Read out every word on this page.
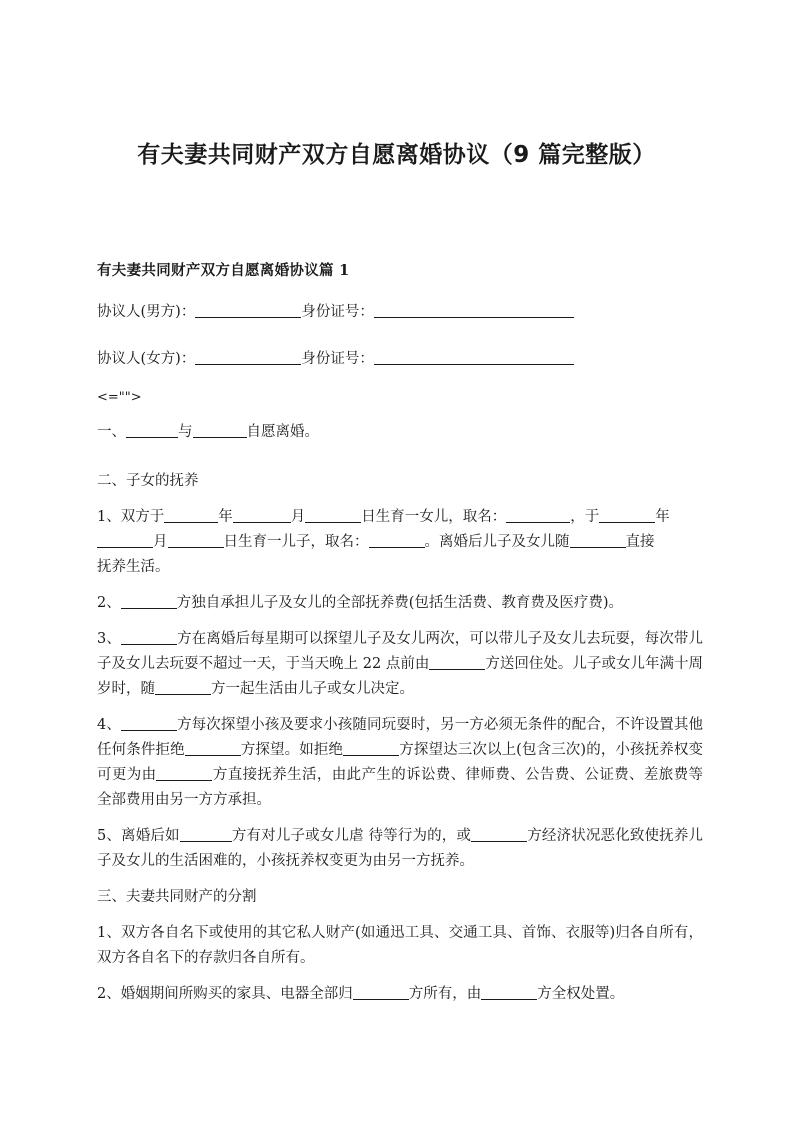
有夫妻共同财产双方自愿离婚协议（9 篇完整版）
有夫妻共同财产双方自愿离婚协议篇 1
协议人(男方)：	身份证号：
协议人(女方)：	身份证号：
<="">
一、	与	自愿离婚。
二、子女的抚养

1、双方于	年	月	日生育一女儿，取名：	，于	年
月	日生育一儿子，取名：	。离婚后儿子及女儿随	直接
抚养生活。

2、	方独自承担儿子及女儿的全部抚养费(包括生活费、教育费及医疗费)。

3、	方在离婚后每星期可以探望儿子及女儿两次，可以带儿子及女儿去玩耍，每次带儿子及女儿去玩耍不超过一天，于当天晚上 22 点前由	方送回住处。儿子或女儿年满十周岁时，随	方一起生活由儿子或女儿决定。

4、	方每次探望小孩及要求小孩随同玩耍时，另一方必须无条件的配合，不许设置其他任何条件拒绝	方探望。如拒绝	方探望达三次以上(包含三次)的，小孩抚养权变可更为由	方直接抚养生活，由此产生的诉讼费、律师费、公告费、公证费、差旅费等全部费用由另一方方承担。

5、离婚后如	方有对儿子或女儿虐 待等行为的，或	方经济状况恶化致使抚养儿子及女儿的生活困难的，小孩抚养权变更为由另一方抚养。

三、夫妻共同财产的分割

1、双方各自名下或使用的其它私人财产(如通迅工具、交通工具、首饰、衣服等)归各自所有，双方各自名下的存款归各自所有。

2、婚姻期间所购买的家具、电器全部归	方所有，由	方全权处置。
